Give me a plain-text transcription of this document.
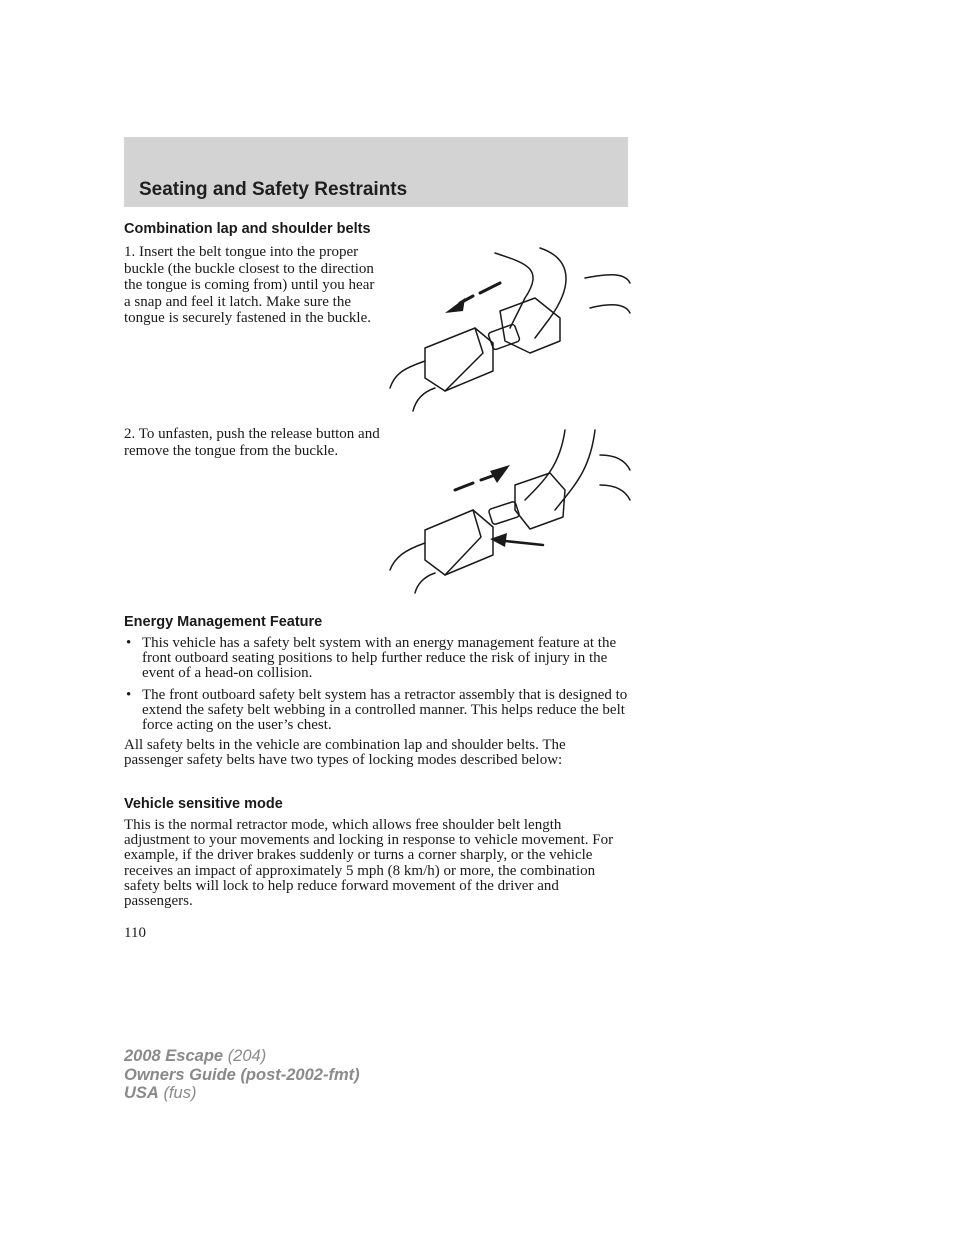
Seating and Safety Restraints
Combination lap and shoulder belts

1. Insert the belt tongue into the proper buckle (the buckle closest to the direction the tongue is coming from) until you hear a snap and feel it latch. Make sure the tongue is securely fastened in the buckle.

2. To unfasten, push the release button and remove the tongue from the buckle.

Energy Management Feature
• This vehicle has a safety belt system with an energy management feature at the front outboard seating positions to help further reduce the risk of injury in the event of a head-on collision.
• The front outboard safety belt system has a retractor assembly that is designed to extend the safety belt webbing in a controlled manner. This helps reduce the belt force acting on the user’s chest.

All safety belts in the vehicle are combination lap and shoulder belts. The passenger safety belts have two types of locking modes described below:

Vehicle sensitive mode

This is the normal retractor mode, which allows free shoulder belt length adjustment to your movements and locking in response to vehicle movement. For example, if the driver brakes suddenly or turns a corner sharply, or the vehicle receives an impact of approximately 5 mph (8 km/h) or more, the combination safety belts will lock to help reduce forward movement of the driver and passengers.

110

2008 Escape (204)
Owners Guide (post-2002-fmt)
USA (fus)
